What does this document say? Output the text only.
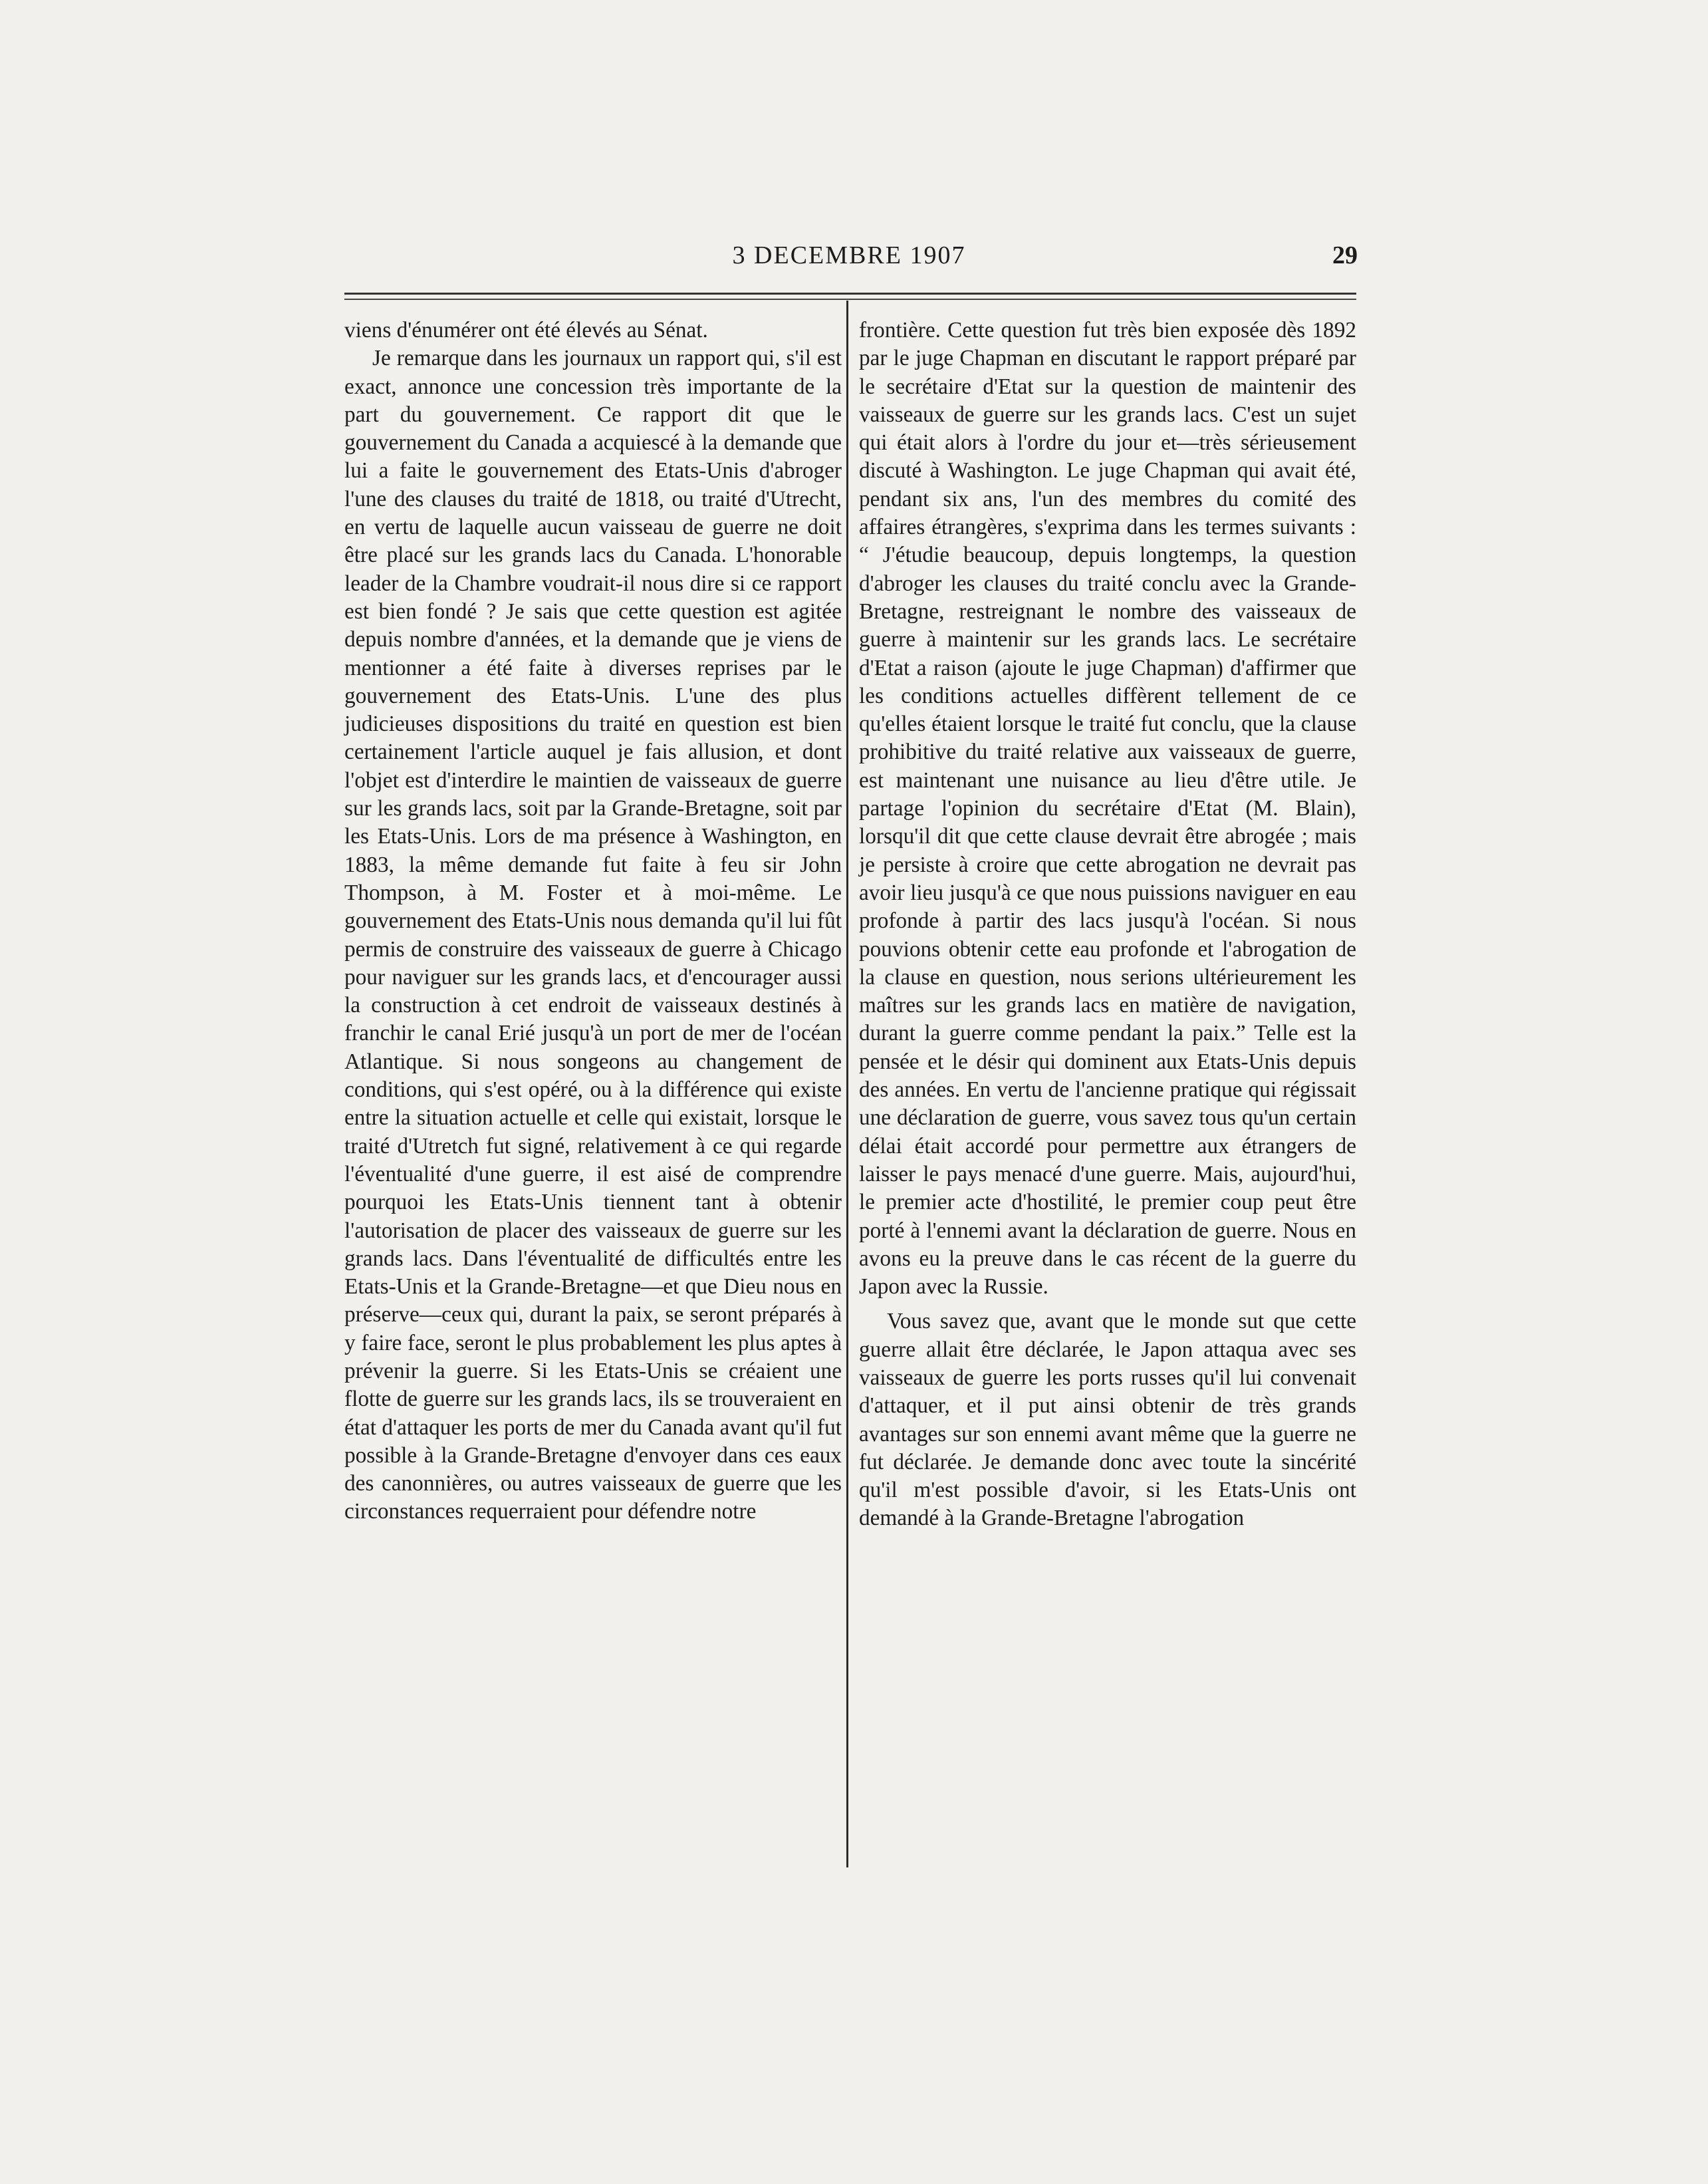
3 DECEMBRE 1907	29

viens d'énumérer ont été élevés au Sénat.

Je remarque dans les journaux un rapport qui, s'il est exact, annonce une concession très importante de la part du gouvernement. Ce rapport dit que le gouvernement du Canada a acquiescé à la demande que lui a faite le gouvernement des Etats-Unis d'abroger l'une des clauses du traité de 1818, ou traité d'Utrecht, en vertu de laquelle aucun vaisseau de guerre ne doit être placé sur les grands lacs du Canada. L'honorable leader de la Chambre voudrait-il nous dire si ce rapport est bien fondé ? Je sais que cette question est agitée depuis nombre d'années, et la demande que je viens de mentionner a été faite à diverses reprises par le gouvernement des Etats-Unis. L'une des plus judicieuses dispositions du traité en question est bien certainement l'article auquel je fais allusion, et dont l'objet est d'interdire le maintien de vaisseaux de guerre sur les grands lacs, soit par la Grande-Bretagne, soit par les Etats-Unis. Lors de ma présence à Washington, en 1883, la même demande fut faite à feu sir John Thompson, à M. Foster et à moi-même. Le gouvernement des Etats-Unis nous demanda qu'il lui fût permis de construire des vaisseaux de guerre à Chicago pour naviguer sur les grands lacs, et d'encourager aussi la construction à cet endroit de vaisseaux destinés à franchir le canal Erié jusqu'à un port de mer de l'océan Atlantique. Si nous songeons au changement de conditions, qui s'est opéré, ou à la différence qui existe entre la situation actuelle et celle qui existait, lorsque le traité d'Utretch fut signé, relativement à ce qui regarde l'éventualité d'une guerre, il est aisé de comprendre pourquoi les Etats-Unis tiennent tant à obtenir l'autorisation de placer des vaisseaux de guerre sur les grands lacs. Dans l'éventualité de difficultés entre les Etats-Unis et la Grande-Bretagne—et que Dieu nous en préserve—ceux qui, durant la paix, se seront préparés à y faire face, seront le plus probablement les plus aptes à prévenir la guerre. Si les Etats-Unis se créaient une flotte de guerre sur les grands lacs, ils se trouveraient en état d'attaquer les ports de mer du Canada avant qu'il fut possible à la Grande-Bretagne d'envoyer dans ces eaux des canonnières, ou autres vaisseaux de guerre que les circonstances requerraient pour défendre notre

frontière. Cette question fut très bien exposée dès 1892 par le juge Chapman en discutant le rapport préparé par le secrétaire d'Etat sur la question de maintenir des vaisseaux de guerre sur les grands lacs. C'est un sujet qui était alors à l'ordre du jour et—très sérieusement discuté à Washington. Le juge Chapman qui avait été, pendant six ans, l'un des membres du comité des affaires étrangères, s'exprima dans les termes suivants : “ J'étudie beaucoup, depuis longtemps, la question d'abroger les clauses du traité conclu avec la Grande-Bretagne, restreignant le nombre des vaisseaux de guerre à maintenir sur les grands lacs. Le secrétaire d'Etat a raison (ajoute le juge Chapman) d'affirmer que les conditions actuelles diffèrent tellement de ce qu'elles étaient lorsque le traité fut conclu, que la clause prohibitive du traité relative aux vaisseaux de guerre, est maintenant une nuisance au lieu d'être utile. Je partage l'opinion du secrétaire d'Etat (M. Blain), lorsqu'il dit que cette clause devrait être abrogée ; mais je persiste à croire que cette abrogation ne devrait pas avoir lieu jusqu'à ce que nous puissions naviguer en eau profonde à partir des lacs jusqu'à l'océan. Si nous pouvions obtenir cette eau profonde et l'abrogation de la clause en question, nous serions ultérieurement les maîtres sur les grands lacs en matière de navigation, durant la guerre comme pendant la paix.” Telle est la pensée et le désir qui dominent aux Etats-Unis depuis des années. En vertu de l'ancienne pratique qui régissait une déclaration de guerre, vous savez tous qu'un certain délai était accordé pour permettre aux étrangers de laisser le pays menacé d'une guerre. Mais, aujourd'hui, le premier acte d'hostilité, le premier coup peut être porté à l'ennemi avant la déclaration de guerre. Nous en avons eu la preuve dans le cas récent de la guerre du Japon avec la Russie.

Vous savez que, avant que le monde sut que cette guerre allait être déclarée, le Japon attaqua avec ses vaisseaux de guerre les ports russes qu'il lui convenait d'attaquer, et il put ainsi obtenir de très grands avantages sur son ennemi avant même que la guerre ne fut déclarée. Je demande donc avec toute la sincérité qu'il m'est possible d'avoir, si les Etats-Unis ont demandé à la Grande-Bretagne l'abrogation
